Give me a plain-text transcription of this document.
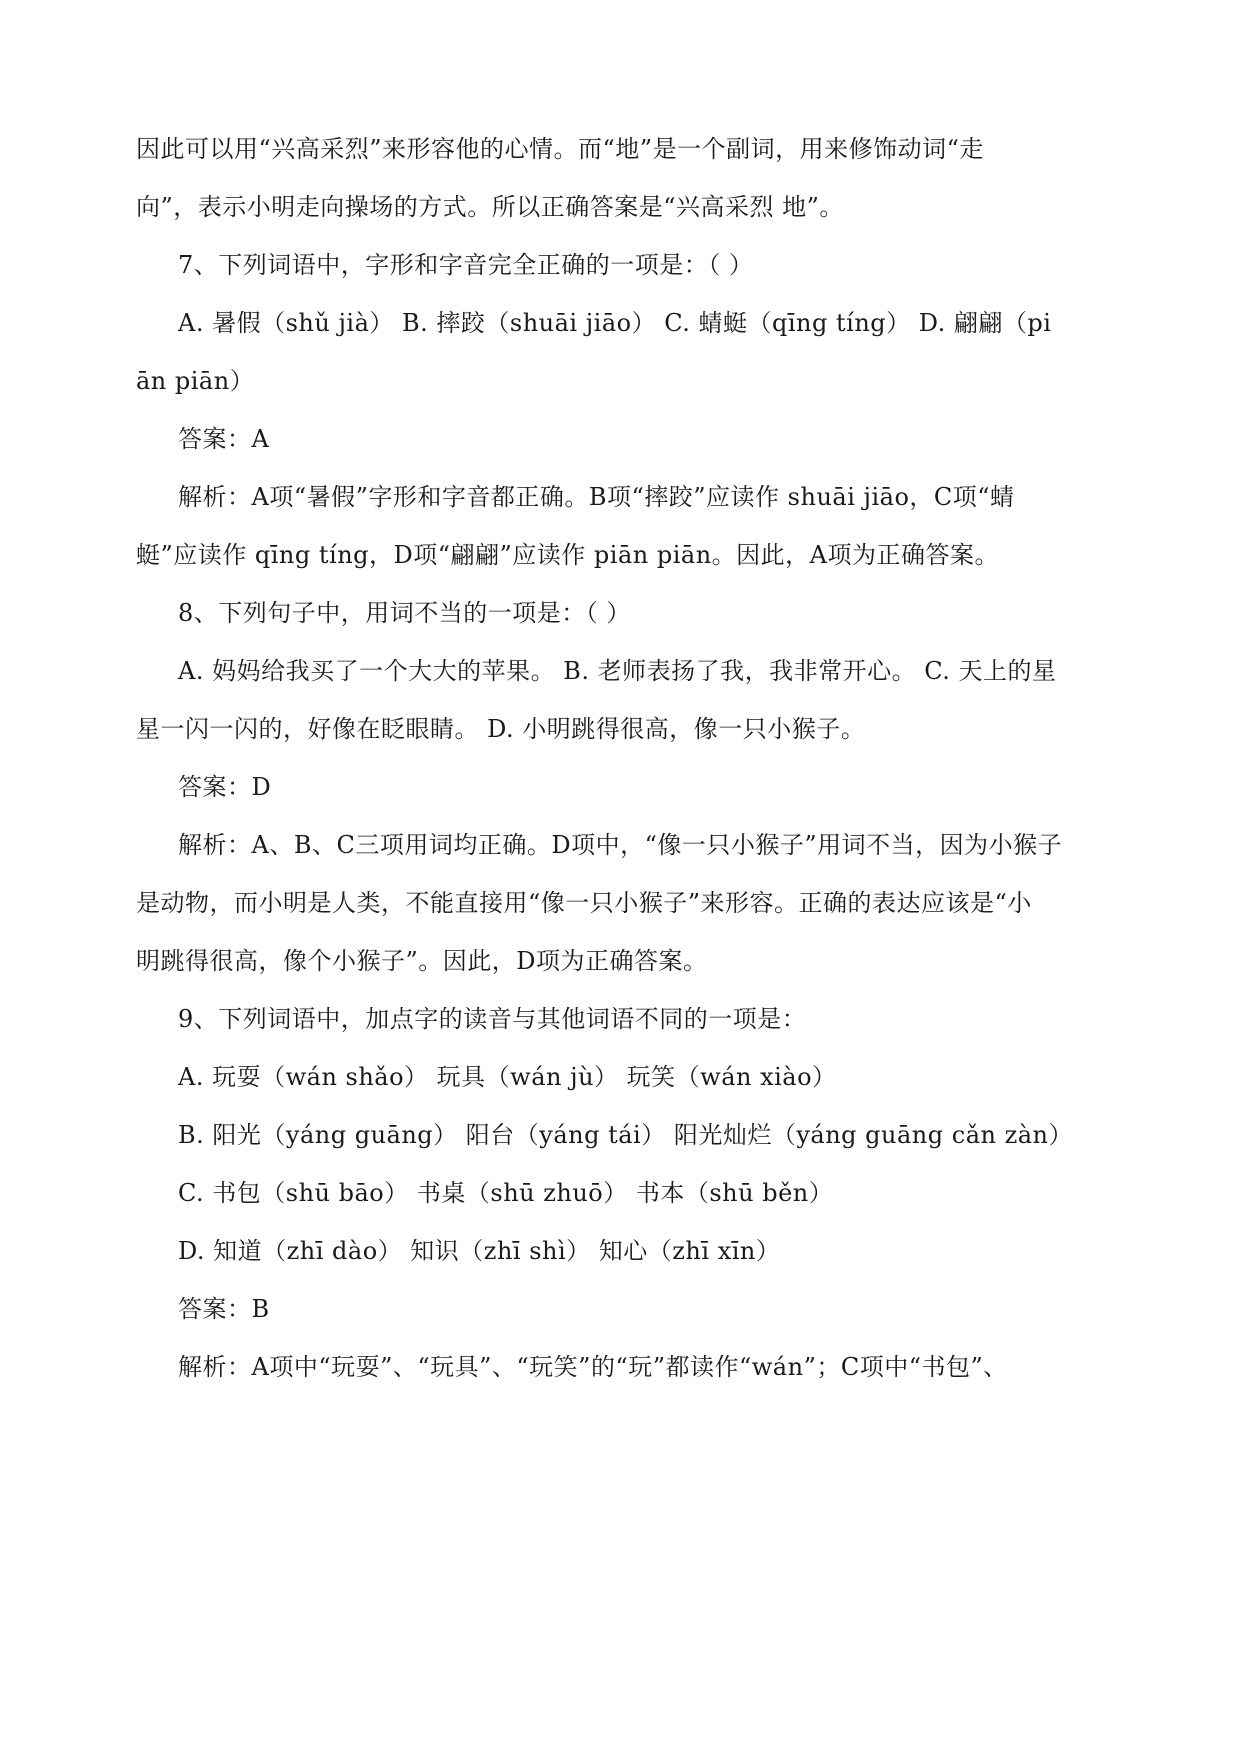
因此可以用“兴高采烈”来形容他的心情。而“地”是一个副词，用来修饰动词“走
向”，表示小明走向操场的方式。所以正确答案是“兴高采烈 地”。
7、下列词语中，字形和字音完全正确的一项是：（ ）
A. 暑假（shǔ jià） B. 摔跤（shuāi jiāo） C. 蜻蜓（qīng tíng） D. 翩翩（pi
ān piān）
答案：A
解析：A项“暑假”字形和字音都正确。B项“摔跤”应读作 shuāi jiāo，C项“蜻
蜓”应读作 qīng tíng，D项“翩翩”应读作 piān piān。因此，A项为正确答案。
8、下列句子中，用词不当的一项是：（ ）
A. 妈妈给我买了一个大大的苹果。 B. 老师表扬了我，我非常开心。 C. 天上的星
星一闪一闪的，好像在眨眼睛。 D. 小明跳得很高，像一只小猴子。
答案：D
解析：A、B、C三项用词均正确。D项中，“像一只小猴子”用词不当，因为小猴子
是动物，而小明是人类，不能直接用“像一只小猴子”来形容。正确的表达应该是“小
明跳得很高，像个小猴子”。因此，D项为正确答案。
9、下列词语中，加点字的读音与其他词语不同的一项是：
A. 玩耍（wán shǎo） 玩具（wán jù） 玩笑（wán xiào）
B. 阳光（yáng guāng） 阳台（yáng tái） 阳光灿烂（yáng guāng cǎn zàn）
C. 书包（shū bāo） 书桌（shū zhuō） 书本（shū běn）
D. 知道（zhī dào） 知识（zhī shì） 知心（zhī xīn）
答案：B
解析：A项中“玩耍”、“玩具”、“玩笑”的“玩”都读作“wán”；C项中“书包”、
